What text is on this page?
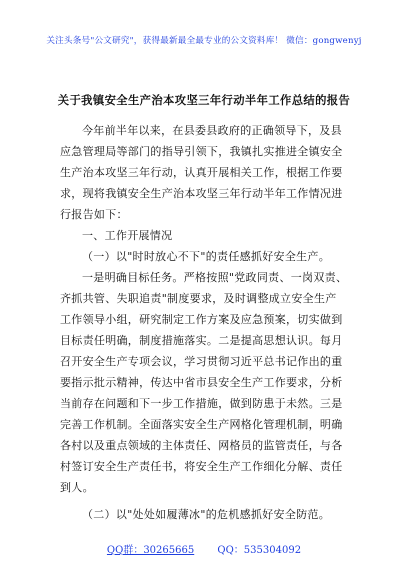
关注头条号"公文研究"，获得最新最全最专业的公文资料库！ 微信：gongwenyj
关于我镇安全生产治本攻坚三年行动半年工作总结的报告
今年前半年以来，在县委县政府的正确领导下，及县
应急管理局等部门的指导引领下，我镇扎实推进全镇安全
生产治本攻坚三年行动，认真开展相关工作，根据工作要
求，现将我镇安全生产治本攻坚三年行动半年工作情况进
行报告如下：
一、工作开展情况
（一）以"时时放心不下"的责任感抓好安全生产。
一是明确目标任务。严格按照"党政同责、一岗双责、
齐抓共管、失职追责"制度要求，及时调整成立安全生产
工作领导小组，研究制定工作方案及应急预案，切实做到
目标责任明确，制度措施落实。二是提高思想认识。每月
召开安全生产专项会议，学习贯彻习近平总书记作出的重
要指示批示精神，传达中省市县安全生产工作要求，分析
当前存在问题和下一步工作措施，做到防患于未然。三是
完善工作机制。全面落实安全生产网格化管理机制，明确
各村以及重点领域的主体责任、网格员的监管责任，与各
村签订安全生产责任书，将安全生产工作细化分解、责任
到人。
（二）以"处处如履薄冰"的危机感抓好安全防范。
QQ群：30265665 QQ：535304092
